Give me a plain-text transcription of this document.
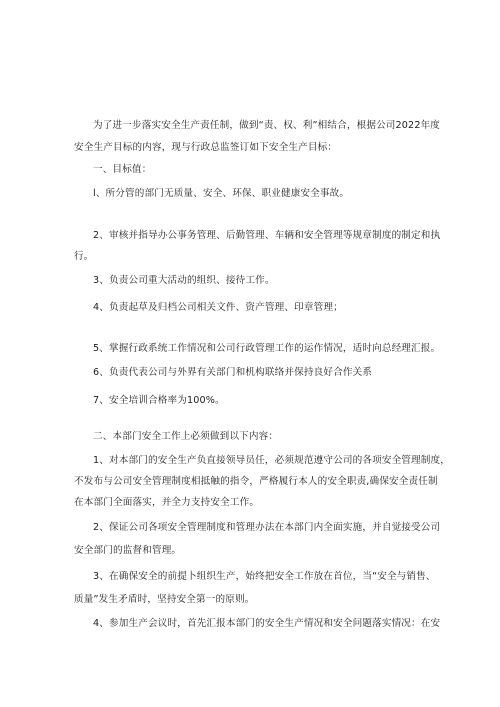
为了进一步落实安全生产责任制，做到“责、权、利”相结合，根据公司2022年度
安全生产目标的内容，现与行政总监签订如下安全生产目标：
一、目标值：
l、所分管的部门无质量、安全、环保、职业健康安全事故。
2、审核并指导办公事务管理、后勤管理、车辆和安全管理等规章制度的制定和执
行。
3、负责公司重大活动的组织、接待工作。
4、负责起草及归档公司相关文件、资产管理、印章管理；
5、掌握行政系统工作情况和公司行政管理工作的运作情况，适时向总经理汇报。
6、负责代表公司与外界有关部门和机构联络并保持良好合作关系
7、安全培训合格率为100%。
二、本部门安全工作上必须做到以下内容：
1、对本部门的安全生产负直接领导员任，必须规范遵守公司的各项安全管理制度，
不发布与公司安全管理制度相抵触的指令，严格履行本人的安全职责,确保安全责任制
在本部门全面落实，并全力支持安全工作。
2、保证公司各项安全管理制度和管理办法在本部门内全面实施，并自觉接受公司
安全部门的监督和管理。
3、在确保安全的前提卜组织生产，始终把安全工作放在首位，当“安全与销售、
质量”发生矛盾时，坚持安全第一的原则。
4、参加生产会议时，首先汇报本部门的安全生产情况和安全问题落实情况：在安
